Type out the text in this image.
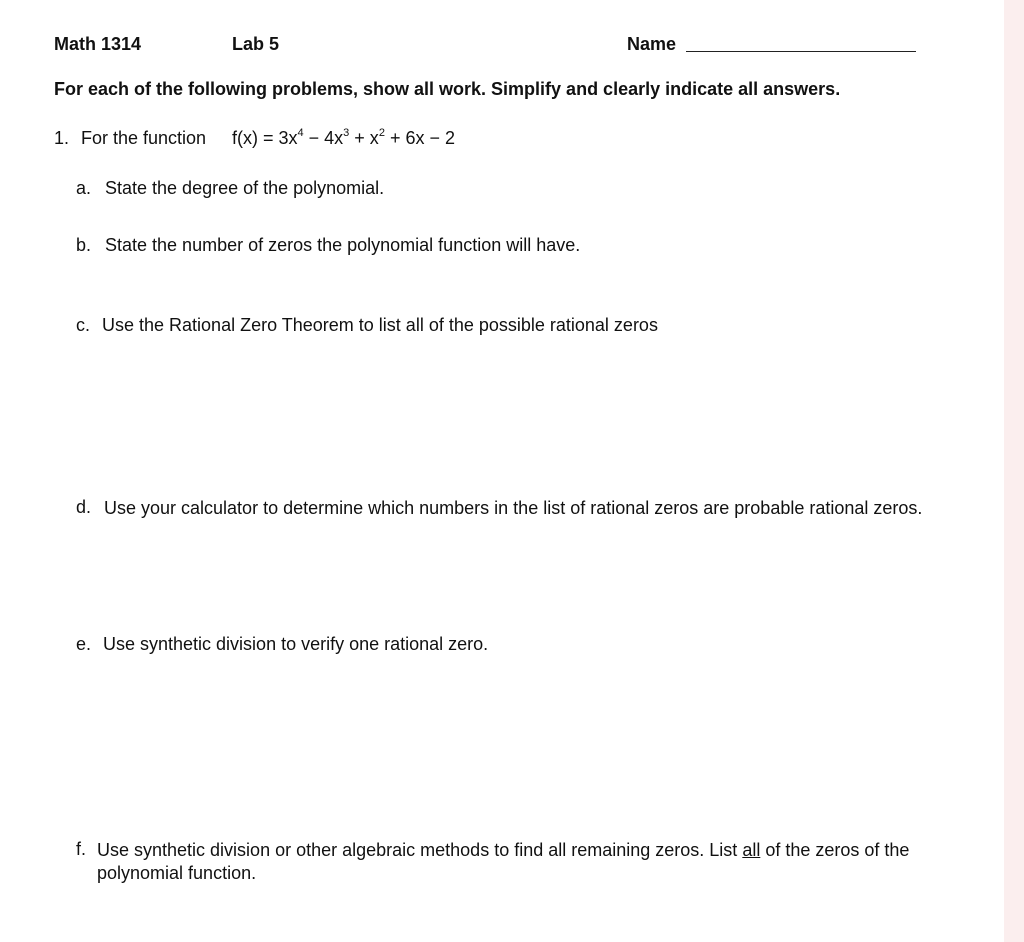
Math 1314	Lab 5	Name
For each of the following problems, show all work. Simplify and clearly indicate all answers.
1. For the function $f(x) = 3x^4 - 4x^3 + x^2 + 6x - 2$
a. State the degree of the polynomial.
b. State the number of zeros the polynomial function will have.
c. Use the Rational Zero Theorem to list all of the possible rational zeros
d. Use your calculator to determine which numbers in the list of rational zeros are probable rational zeros.
e. Use synthetic division to verify one rational zero.
f. Use synthetic division or other algebraic methods to find all remaining zeros. List all of the zeros of the polynomial function.
